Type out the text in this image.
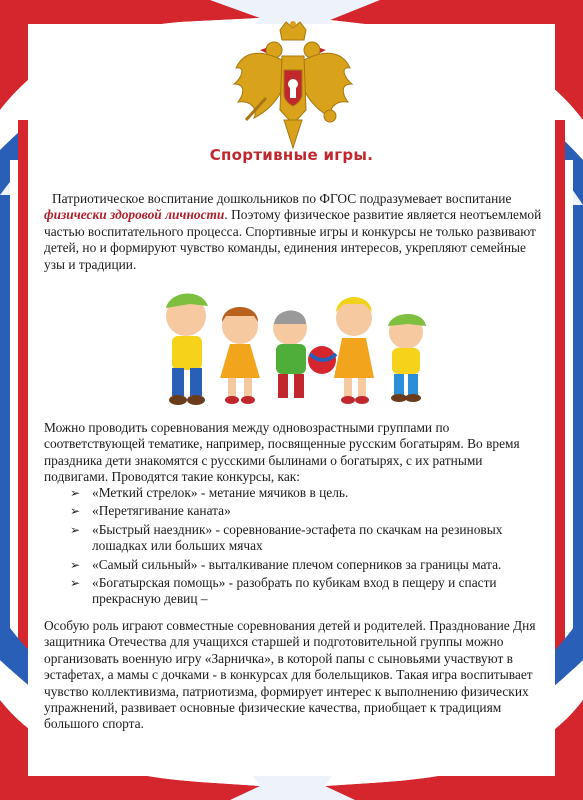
Спортивные игры.
Патриотическое воспитание дошкольников по ФГОС подразумевает воспитание физически здоровой личности. Поэтому физическое развитие является неотъемлемой частью воспитательного процесса. Спортивные игры и конкурсы не только развивают детей, но и формируют чувство команды, единения интересов, укрепляют семейные узы и традиции.
Можно проводить соревнования между одновозрастными группами по соответствующей тематике, например, посвященные русским богатырям. Во время праздника дети знакомятся с русскими былинами о богатырях, с их ратными подвигами. Проводятся такие конкурсы, как:
➢ «Меткий стрелок» - метание мячиков в цель.
➢ «Перетягивание каната»
➢ «Быстрый наездник» - соревнование-эстафета по скачкам на резиновых лошадках или больших мячах
➢ «Самый сильный» - выталкивание плечом соперников за границы мата.
➢ «Богатырская помощь» - разобрать по кубикам вход в пещеру и спасти прекрасную девиц –
Особую роль играют совместные соревнования детей и родителей. Празднование Дня защитника Отечества для учащихся старшей и подготовительной группы можно организовать военную игру «Зарничка», в которой папы с сыновьями участвуют в эстафетах, а мамы с дочками - в конкурсах для болельщиков. Такая игра воспитывает чувство коллективизма, патриотизма, формирует интерес к выполнению физических упражнений, развивает основные физические качества, приобщает к традициям большого спорта.
